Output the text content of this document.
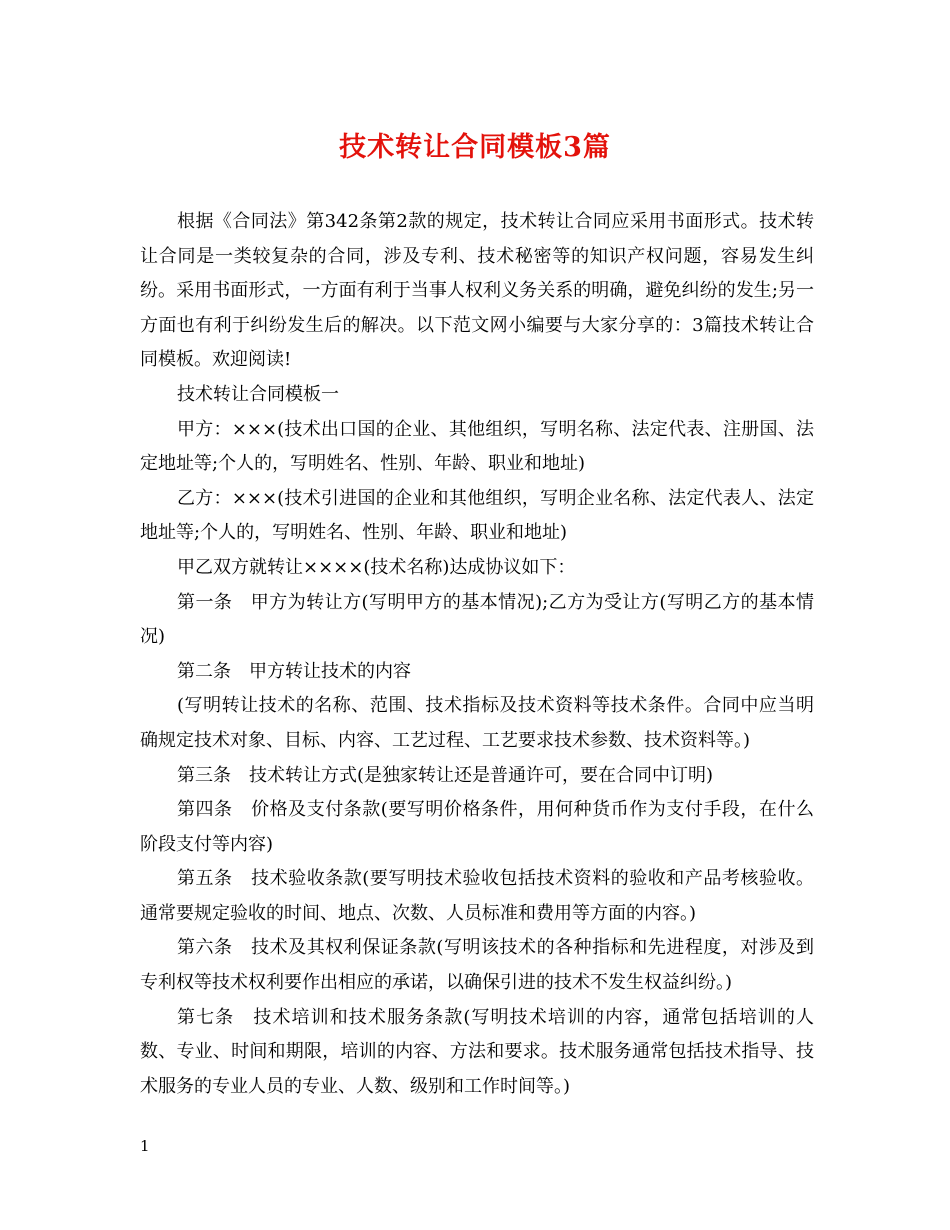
技术转让合同模板3篇

根据《合同法》第342条第2款的规定，技术转让合同应采用书面形式。技术转让合同是一类较复杂的合同，涉及专利、技术秘密等的知识产权问题，容易发生纠纷。采用书面形式，一方面有利于当事人权利义务关系的明确，避免纠纷的发生;另一方面也有利于纠纷发生后的解决。以下范文网小编要与大家分享的：3篇技术转让合同模板。欢迎阅读!

技术转让合同模板一

甲方：×××(技术出口国的企业、其他组织，写明名称、法定代表、注册国、法定地址等;个人的，写明姓名、性别、年龄、职业和地址)

乙方：×××(技术引进国的企业和其他组织，写明企业名称、法定代表人、法定地址等;个人的，写明姓名、性别、年龄、职业和地址)

甲乙双方就转让××××(技术名称)达成协议如下：

第一条　甲方为转让方(写明甲方的基本情况);乙方为受让方(写明乙方的基本情况)

第二条　甲方转让技术的内容

(写明转让技术的名称、范围、技术指标及技术资料等技术条件。合同中应当明确规定技术对象、目标、内容、工艺过程、工艺要求技术参数、技术资料等。)

第三条　技术转让方式(是独家转让还是普通许可，要在合同中订明)

第四条　价格及支付条款(要写明价格条件，用何种货币作为支付手段，在什么阶段支付等内容)

第五条　技术验收条款(要写明技术验收包括技术资料的验收和产品考核验收。通常要规定验收的时间、地点、次数、人员标准和费用等方面的内容。)

第六条　技术及其权利保证条款(写明该技术的各种指标和先进程度，对涉及到专利权等技术权利要作出相应的承诺，以确保引进的技术不发生权益纠纷。)

第七条　技术培训和技术服务条款(写明技术培训的内容，通常包括培训的人数、专业、时间和期限，培训的内容、方法和要求。技术服务通常包括技术指导、技术服务的专业人员的专业、人数、级别和工作时间等。)

1
